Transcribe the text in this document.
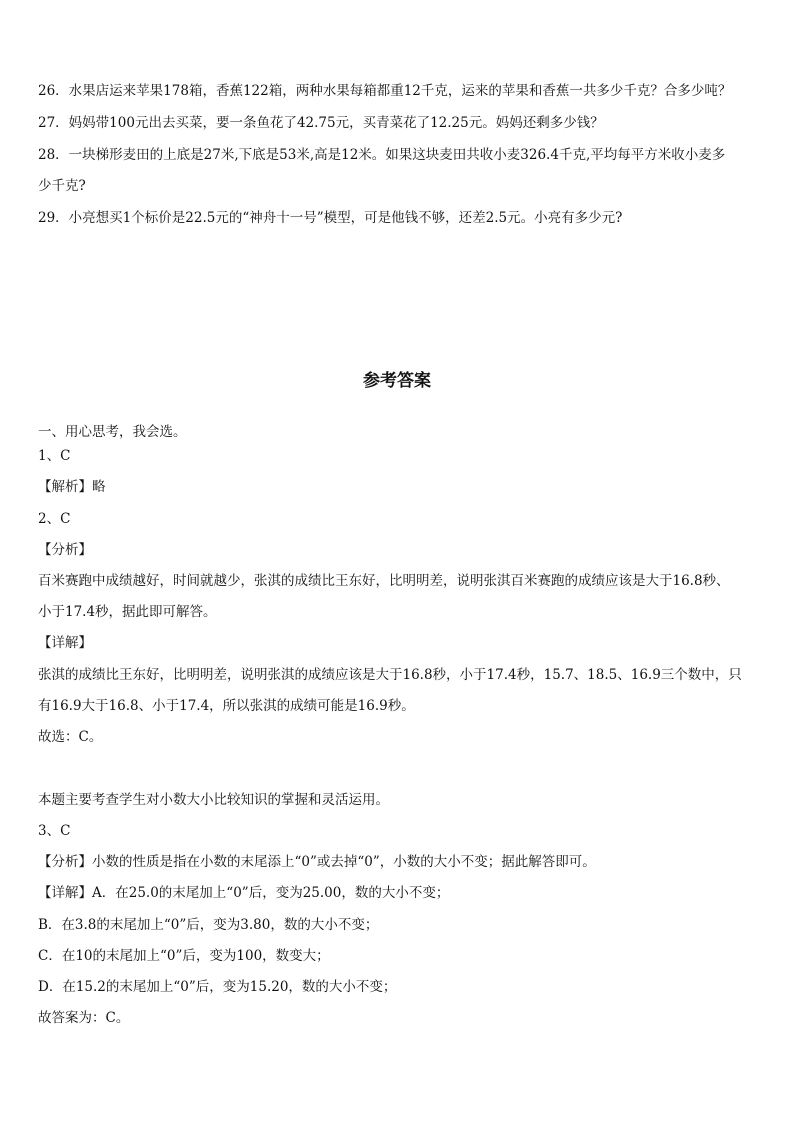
26．水果店运来苹果178箱，香蕉122箱，两种水果每箱都重12千克，运来的苹果和香蕉一共多少千克？合多少吨？
27．妈妈带100元出去买菜，要一条鱼花了42.75元，买青菜花了12.25元。妈妈还剩多少钱？
28．一块梯形麦田的上底是27米,下底是53米,高是12米。如果这块麦田共收小麦326.4千克,平均每平方米收小麦多
少千克?
29．小亮想买1个标价是22.5元的“神舟十一号”模型，可是他钱不够，还差2.5元。小亮有多少元?
参考答案
一、用心思考，我会选。
1、C
【解析】略
2、C
【分析】
百米赛跑中成绩越好，时间就越少，张淇的成绩比王东好，比明明差，说明张淇百米赛跑的成绩应该是大于16.8秒、
小于17.4秒，据此即可解答。
【详解】
张淇的成绩比王东好，比明明差，说明张淇的成绩应该是大于16.8秒，小于17.4秒，15.7、18.5、16.9三个数中，只
有16.9大于16.8、小于17.4，所以张淇的成绩可能是16.9秒。
故选：C。
本题主要考查学生对小数大小比较知识的掌握和灵活运用。
3、C
【分析】小数的性质是指在小数的末尾添上“0”或去掉“0”，小数的大小不变；据此解答即可。
【详解】A．在25.0的末尾加上“0”后，变为25.00，数的大小不变；
B．在3.8的末尾加上“0”后，变为3.80，数的大小不变；
C．在10的末尾加上“0”后，变为100，数变大；
D．在15.2的末尾加上“0”后，变为15.20，数的大小不变；
故答案为：C。
